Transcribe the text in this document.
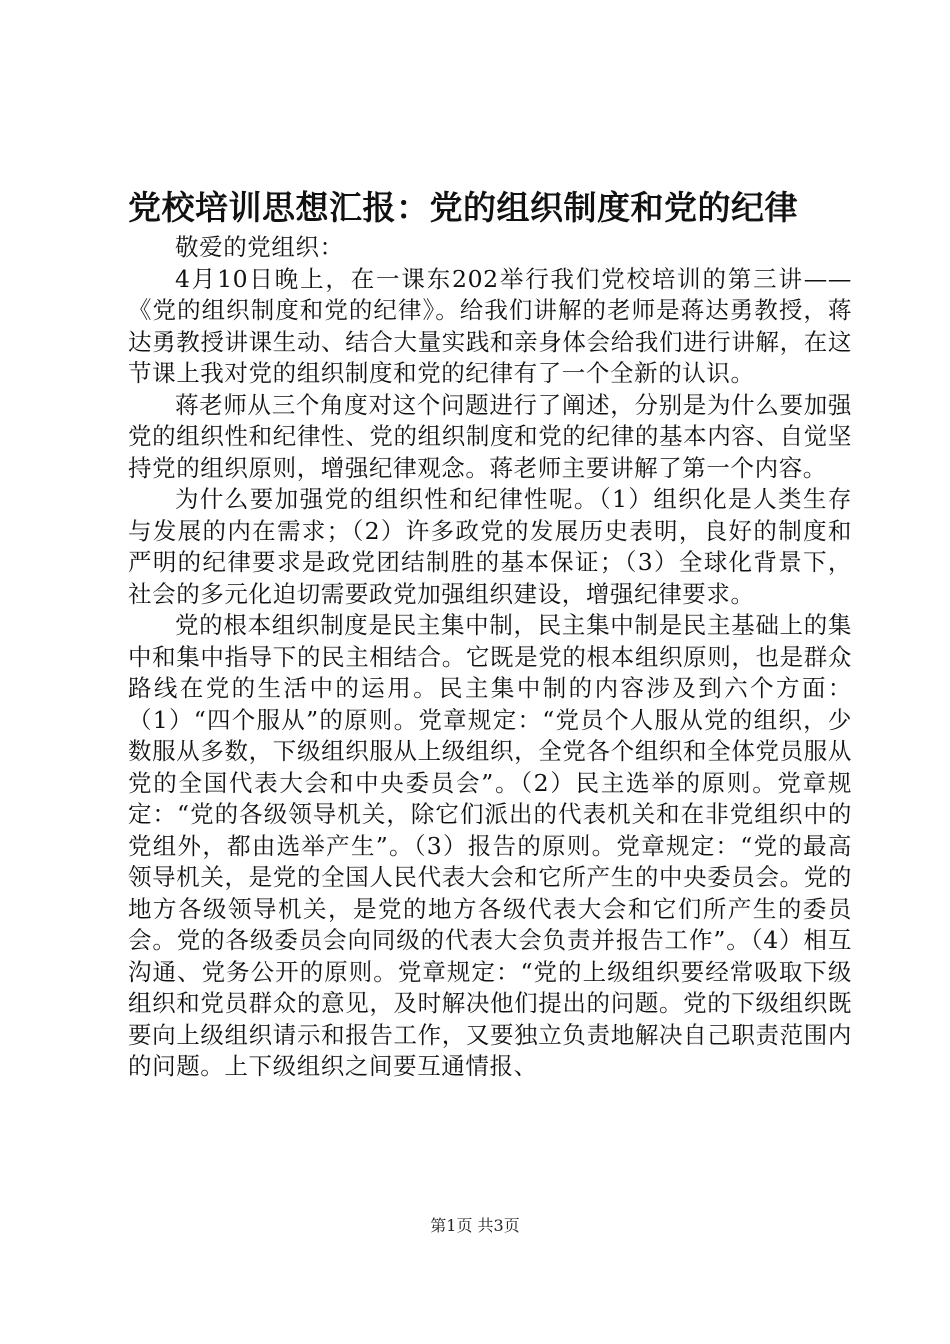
党校培训思想汇报：党的组织制度和党的纪律

敬爱的党组织：

4月10日晚上，在一课东202举行我们党校培训的第三讲——《党的组织制度和党的纪律》。给我们讲解的老师是蒋达勇教授，蒋达勇教授讲课生动、结合大量实践和亲身体会给我们进行讲解，在这节课上我对党的组织制度和党的纪律有了一个全新的认识。

蒋老师从三个角度对这个问题进行了阐述，分别是为什么要加强党的组织性和纪律性、党的组织制度和党的纪律的基本内容、自觉坚持党的组织原则，增强纪律观念。蒋老师主要讲解了第一个内容。

为什么要加强党的组织性和纪律性呢。（1）组织化是人类生存与发展的内在需求；（2）许多政党的发展历史表明，良好的制度和严明的纪律要求是政党团结制胜的基本保证；（3）全球化背景下，社会的多元化迫切需要政党加强组织建设，增强纪律要求。

党的根本组织制度是民主集中制，民主集中制是民主基础上的集中和集中指导下的民主相结合。它既是党的根本组织原则，也是群众路线在党的生活中的运用。民主集中制的内容涉及到六个方面：（1）“四个服从”的原则。党章规定：“党员个人服从党的组织，少数服从多数，下级组织服从上级组织，全党各个组织和全体党员服从党的全国代表大会和中央委员会”。（2）民主选举的原则。党章规定：“党的各级领导机关，除它们派出的代表机关和在非党组织中的党组外，都由选举产生”。（3）报告的原则。党章规定：“党的最高领导机关，是党的全国人民代表大会和它所产生的中央委员会。党的地方各级领导机关，是党的地方各级代表大会和它们所产生的委员会。党的各级委员会向同级的代表大会负责并报告工作”。（4）相互沟通、党务公开的原则。党章规定：“党的上级组织要经常吸取下级组织和党员群众的意见，及时解决他们提出的问题。党的下级组织既要向上级组织请示和报告工作，又要独立负责地解决自己职责范围内的问题。上下级组织之间要互通情报、

第1页 共3页
